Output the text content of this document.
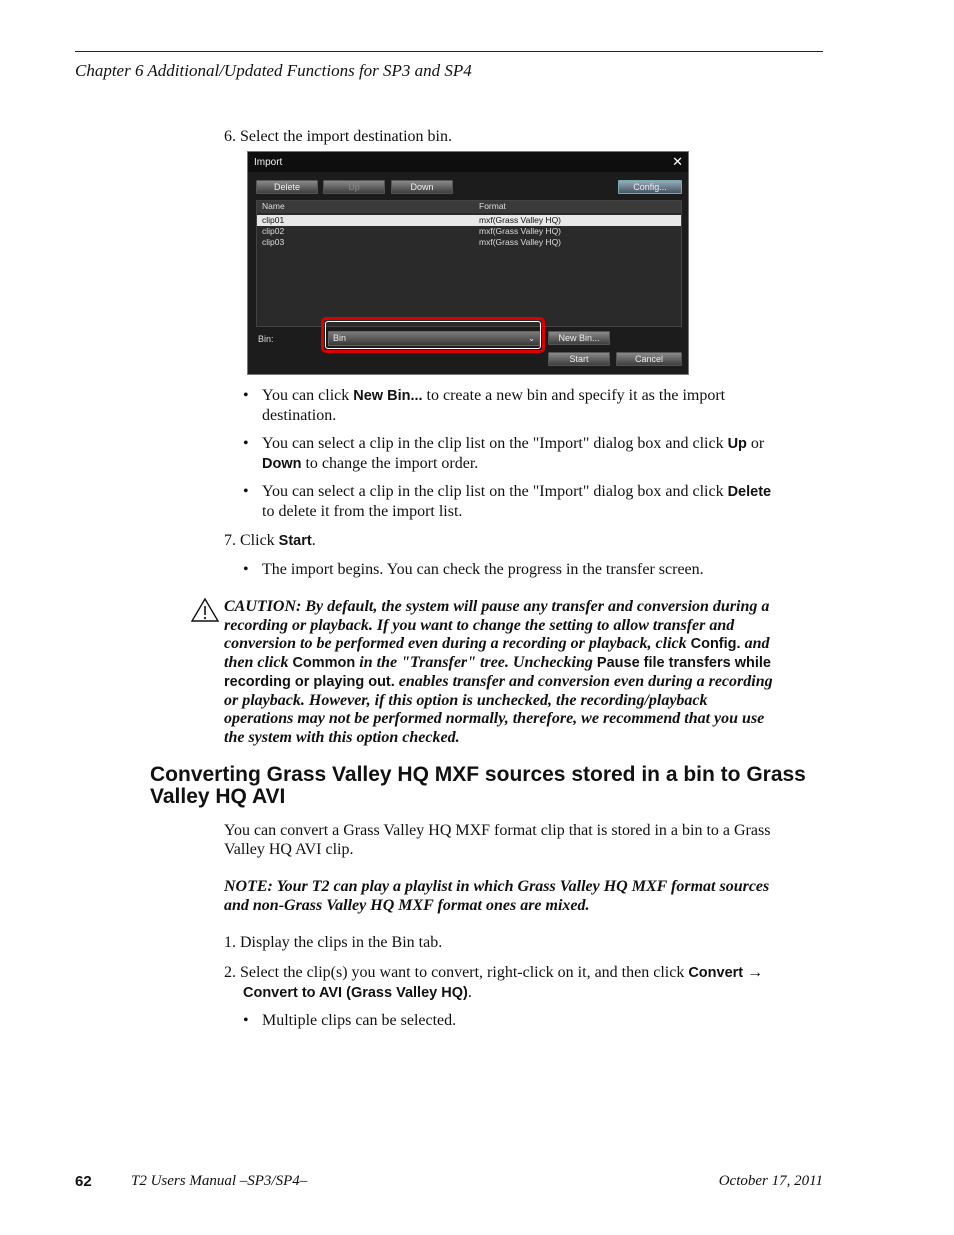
Chapter 6 Additional/Updated Functions for SP3 and SP4
6. Select the import destination bin.
Import	✕
Delete	Up	Down	Config...
Name	Format
clip01	mxf(Grass Valley HQ)
clip02	mxf(Grass Valley HQ)
clip03	mxf(Grass Valley HQ)
Bin:	Bin	⌄	New Bin...
Start	Cancel
• You can click New Bin... to create a new bin and specify it as the import
destination.
• You can select a clip in the clip list on the "Import" dialog box and click Up or
Down to change the import order.
• You can select a clip in the clip list on the "Import" dialog box and click Delete
to delete it from the import list.
7. Click Start.
• The import begins. You can check the progress in the transfer screen.
CAUTION: By default, the system will pause any transfer and conversion during a
recording or playback. If you want to change the setting to allow transfer and
conversion to be performed even during a recording or playback, click Config. and
then click Common in the "Transfer" tree. Unchecking Pause file transfers while
recording or playing out. enables transfer and conversion even during a recording
or playback. However, if this option is unchecked, the recording/playback
operations may not be performed normally, therefore, we recommend that you use
the system with this option checked.
Converting Grass Valley HQ MXF sources stored in a bin to Grass
Valley HQ AVI
You can convert a Grass Valley HQ MXF format clip that is stored in a bin to a Grass
Valley HQ AVI clip.
NOTE: Your T2 can play a playlist in which Grass Valley HQ MXF format sources
and non-Grass Valley HQ MXF format ones are mixed.
1. Display the clips in the Bin tab.
2. Select the clip(s) you want to convert, right-click on it, and then click Convert →
Convert to AVI (Grass Valley HQ).
• Multiple clips can be selected.
62	T2 Users Manual –SP3/SP4–	October 17, 2011
